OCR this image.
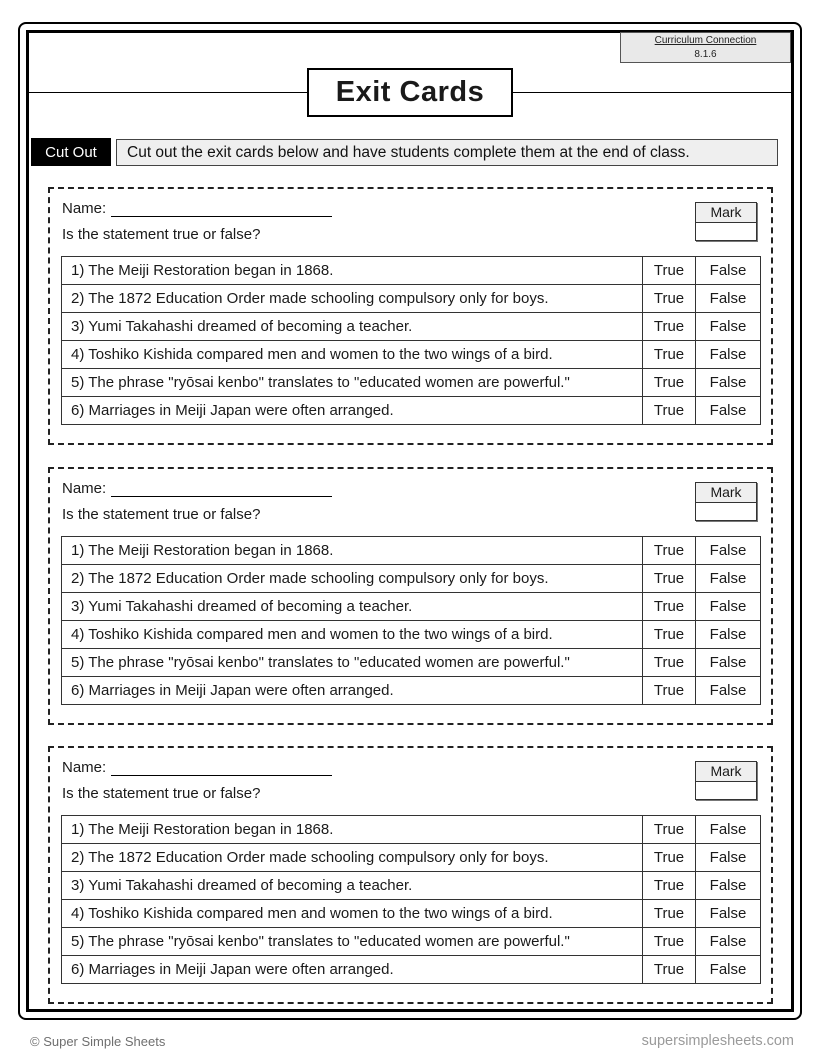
Curriculum Connection
8.1.6
Exit Cards
Cut Out	Cut out the exit cards below and have students complete them at the end of class.
Name:
Is the statement true or false?
Mark
1) The Meiji Restoration began in 1868.	True	False
2) The 1872 Education Order made schooling compulsory only for boys.	True	False
3) Yumi Takahashi dreamed of becoming a teacher.	True	False
4) Toshiko Kishida compared men and women to the two wings of a bird.	True	False
5) The phrase "ryōsai kenbo" translates to "educated women are powerful."	True	False
6) Marriages in Meiji Japan were often arranged.	True	False
Name:
Is the statement true or false?
Mark
1) The Meiji Restoration began in 1868.	True	False
2) The 1872 Education Order made schooling compulsory only for boys.	True	False
3) Yumi Takahashi dreamed of becoming a teacher.	True	False
4) Toshiko Kishida compared men and women to the two wings of a bird.	True	False
5) The phrase "ryōsai kenbo" translates to "educated women are powerful."	True	False
6) Marriages in Meiji Japan were often arranged.	True	False
Name:
Is the statement true or false?
Mark
1) The Meiji Restoration began in 1868.	True	False
2) The 1872 Education Order made schooling compulsory only for boys.	True	False
3) Yumi Takahashi dreamed of becoming a teacher.	True	False
4) Toshiko Kishida compared men and women to the two wings of a bird.	True	False
5) The phrase "ryōsai kenbo" translates to "educated women are powerful."	True	False
6) Marriages in Meiji Japan were often arranged.	True	False
© Super Simple Sheets	supersimplesheets.com
